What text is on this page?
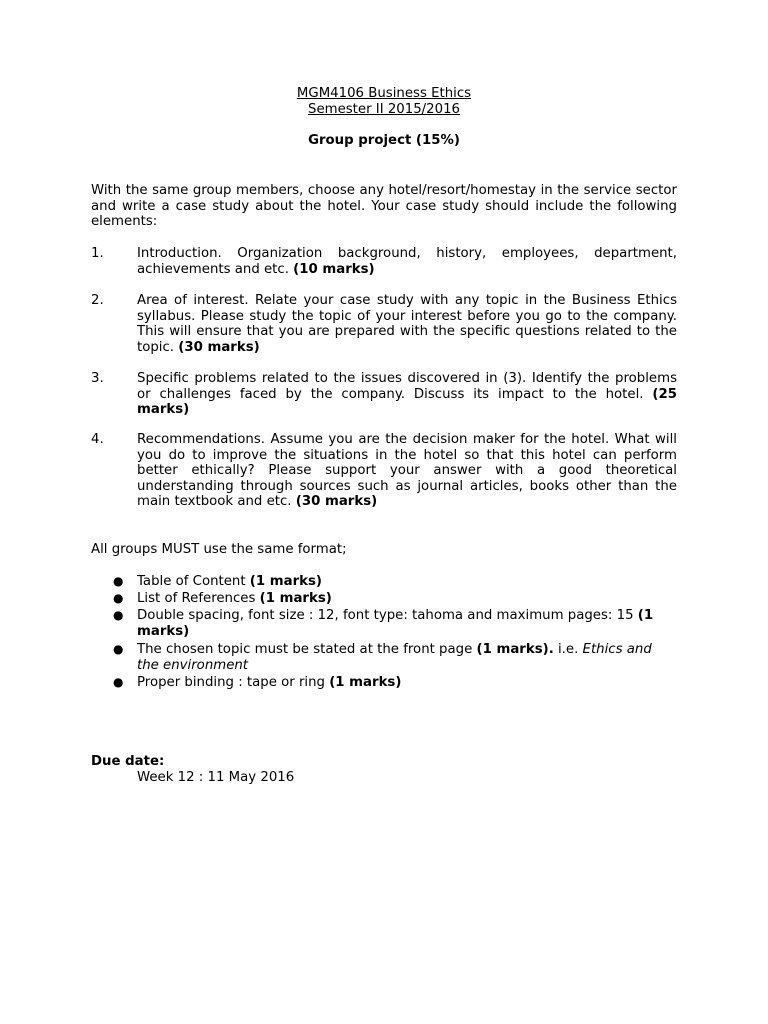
MGM4106 Business Ethics
Semester II 2015/2016
Group project (15%)
With the same group members, choose any hotel/resort/homestay in the service sector and write a case study about the hotel. Your case study should include the following elements:
1.	Introduction. Organization background, history, employees, department, achievements and etc. (10 marks)
2.	Area of interest. Relate your case study with any topic in the Business Ethics syllabus. Please study the topic of your interest before you go to the company. This will ensure that you are prepared with the specific questions related to the topic. (30 marks)
3.	Specific problems related to the issues discovered in (3). Identify the problems or challenges faced by the company. Discuss its impact to the hotel. (25 marks)
4.	Recommendations. Assume you are the decision maker for the hotel. What will you do to improve the situations in the hotel so that this hotel can perform better ethically? Please support your answer with a good theoretical understanding through sources such as journal articles, books other than the main textbook and etc. (30 marks)
All groups MUST use the same format;
● Table of Content (1 marks)
● List of References (1 marks)
● Double spacing, font size : 12, font type: tahoma and maximum pages: 15 (1 marks)
● The chosen topic must be stated at the front page (1 marks). i.e. Ethics and the environment
● Proper binding : tape or ring (1 marks)
Due date:
Week 12 : 11 May 2016
